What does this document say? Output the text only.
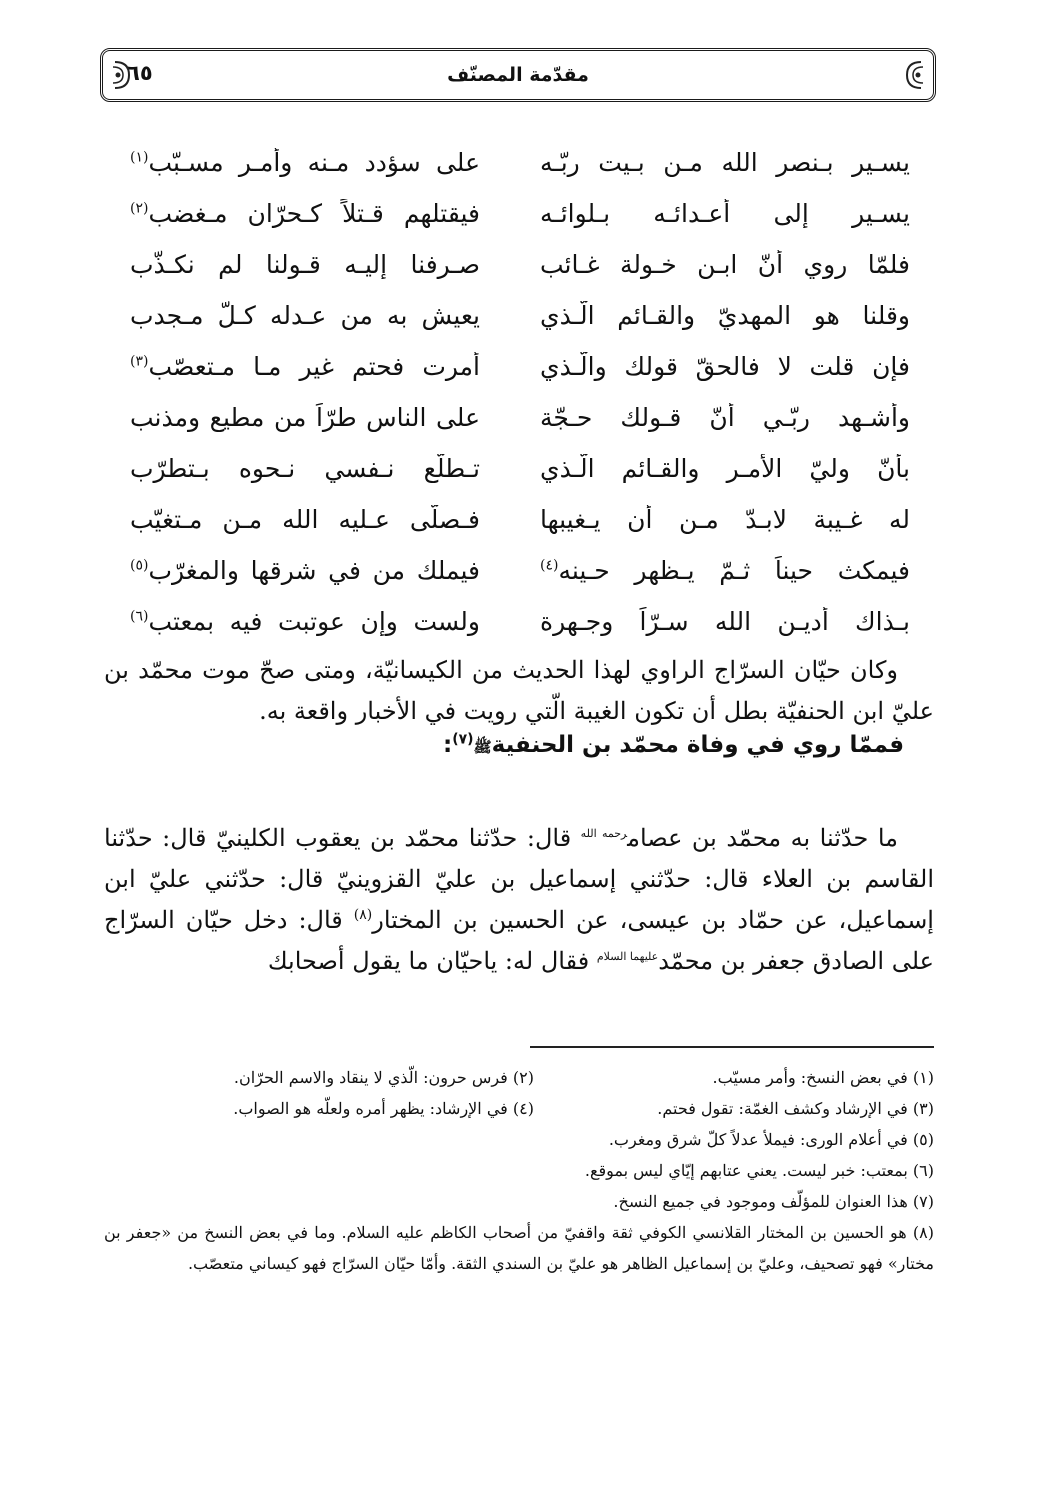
مقدّمة المصنّف
٦٥
يسـير بـنصر الله مـن بـيت ربّـه
على سؤدد مـنه وأمـر مسـبّب$^{(١)}$
يسـير إلى أعـدائـه بـلوائـه
فيقتلهم قـتلاً كـحرّان مـغضب$^{(٢)}$
فلمّا روي أنّ ابـن خـولة غـائب
صـرفنا إليـه قـولنا لم نكـذّب
وقلنا هو المهديّ والقـائم الّـذي
يعيش به من عـدله كـلّ مـجدب
فإن قلت لا فالحقّ قولك والّـذي
أمرت فحتم غير مـا مـتعصّب$^{(٣)}$
وأشـهد ربّـي أنّ قـولك حـجّة
على الناس طرّاً من مطيع ومذنب
بأنّ وليّ الأمـر والقـائم الّـذي
تـطلّع نـفسي نـحوه بـتطرّب
له غـيبة لابـدّ مـن أن يـغيبها
فـصلّى عـليه الله مـن مـتغيّب
فيمكث حيناً ثـمّ يـظهر حـينه$^{(٤)}$
فيملك من في شرقها والمغرّب$^{(٥)}$
بـذاك أديـن الله سـرّاً وجـهرة
ولست وإن عوتبت فيه بمعتب$^{(٦)}$

وكان حيّان السرّاج الراوي لهذا الحديث من الكيسانيّة، ومتى صحّ موت محمّد بن عليّ ابن الحنفيّة بطل أن تكون الغيبة الّتي رويت في الأخبار واقعة به.

فممّا روي في وفاة محمّد بن الحنفيةﷺ$^{(٧)}$:

ما حدّثنا به محمّد بن عصام$^{رحمه الله}$ قال: حدّثنا محمّد بن يعقوب الكلينيّ قال: حدّثنا القاسم بن العلاء قال: حدّثني إسماعيل بن عليّ القزوينيّ قال: حدّثني عليّ ابن إسماعيل، عن حمّاد بن عيسى، عن الحسين بن المختار$^{(٨)}$ قال: دخل حيّان السرّاج على الصادق جعفر بن محمّد$^{عليهما السلام}$ فقال له: ياحيّان ما يقول أصحابك

(١) في بعض النسخ: وأمر مسيّب.
(٢) فرس حرون: الّذي لا ينقاد والاسم الحرّان.
(٣) في الإرشاد وكشف الغمّة: تقول فحتم.
(٤) في الإرشاد: يظهر أمره ولعلّه هو الصواب.
(٥) في أعلام الورى: فيملأ عدلاً كلّ شرق ومغرب.
(٦) بمعتب: خبر ليست. يعني عتابهم إيّاي ليس بموقع.
(٧) هذا العنوان للمؤلّف وموجود في جميع النسخ.
(٨) هو الحسين بن المختار القلانسي الكوفي ثقة واقفيّ من أصحاب الكاظم عليه السلام. وما في بعض النسخ من «جعفر بن مختار» فهو تصحيف، وعليّ بن إسماعيل الظاهر هو عليّ بن السندي الثقة. وأمّا حيّان السرّاج فهو كيساني متعصّب.
